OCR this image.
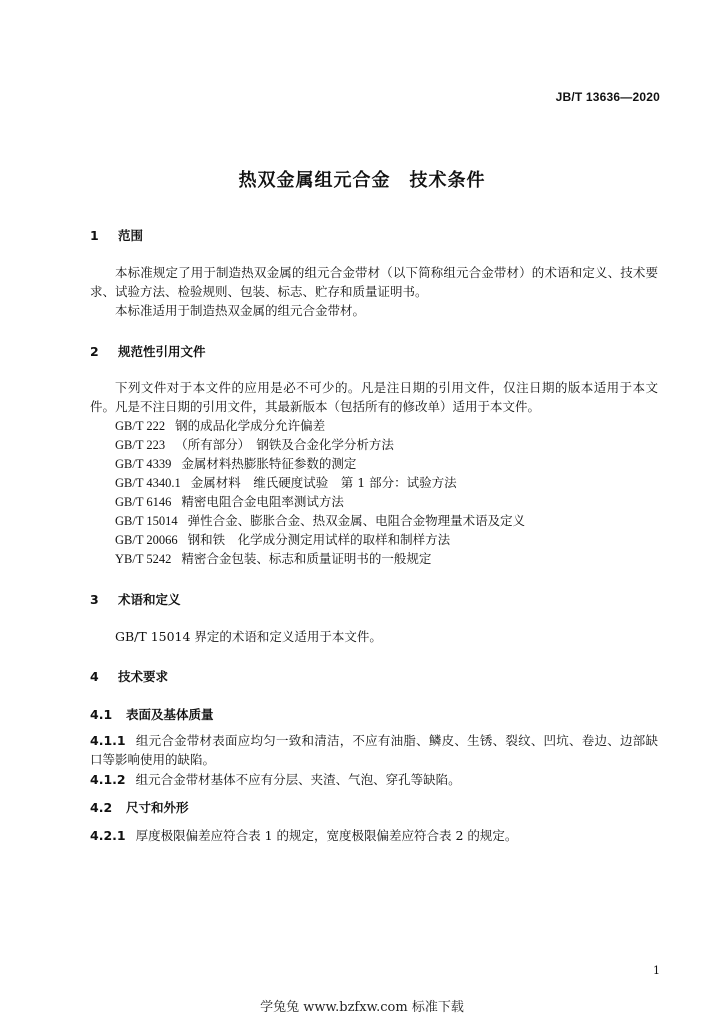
JB/T 13636—2020
热双金属组元合金　技术条件
1 范围
本标准规定了用于制造热双金属的组元合金带材（以下简称组元合金带材）的术语和定义、技术要求、试验方法、检验规则、包装、标志、贮存和质量证明书。
本标准适用于制造热双金属的组元合金带材。
2 规范性引用文件
下列文件对于本文件的应用是必不可少的。凡是注日期的引用文件，仅注日期的版本适用于本文件。凡是不注日期的引用文件，其最新版本（包括所有的修改单）适用于本文件。
GB/T 222 钢的成品化学成分允许偏差
GB/T 223 （所有部分）　钢铁及合金化学分析方法
GB/T 4339 金属材料热膨胀特征参数的测定
GB/T 4340.1 金属材料　维氏硬度试验　第 1 部分：试验方法
GB/T 6146 精密电阻合金电阻率测试方法
GB/T 15014 弹性合金、膨胀合金、热双金属、电阻合金物理量术语及定义
GB/T 20066 钢和铁　化学成分测定用试样的取样和制样方法
YB/T 5242 精密合金包装、标志和质量证明书的一般规定
3 术语和定义
GB/T 15014 界定的术语和定义适用于本文件。
4 技术要求
4.1 表面及基体质量
4.1.1 组元合金带材表面应均匀一致和清洁，不应有油脂、鳞皮、生锈、裂纹、凹坑、卷边、边部缺口等影响使用的缺陷。
4.1.2 组元合金带材基体不应有分层、夹渣、气泡、穿孔等缺陷。
4.2 尺寸和外形
4.2.1 厚度极限偏差应符合表 1 的规定，宽度极限偏差应符合表 2 的规定。
1
学兔兔 www.bzfxw.com 标准下载
